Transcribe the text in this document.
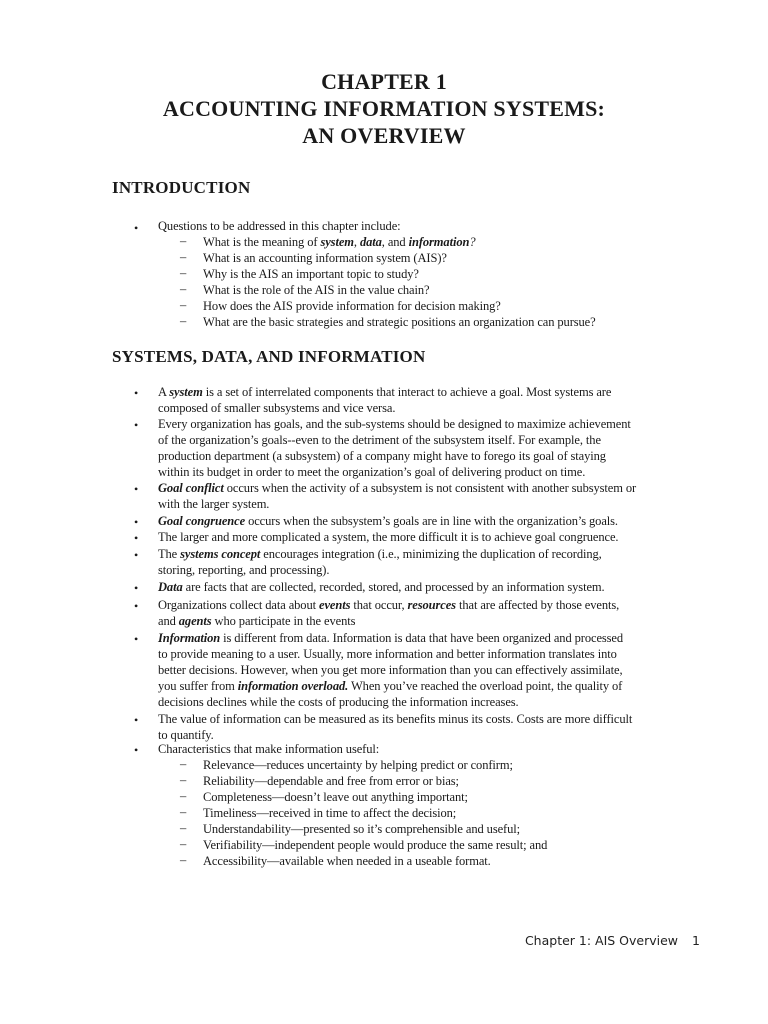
CHAPTER 1
ACCOUNTING INFORMATION SYSTEMS:
AN OVERVIEW
INTRODUCTION
• Questions to be addressed in this chapter include:
– What is the meaning of system, data, and information?
– What is an accounting information system (AIS)?
– Why is the AIS an important topic to study?
– What is the role of the AIS in the value chain?
– How does the AIS provide information for decision making?
– What are the basic strategies and strategic positions an organization can pursue?
SYSTEMS, DATA, AND INFORMATION
• A system is a set of interrelated components that interact to achieve a goal. Most systems are
composed of smaller subsystems and vice versa.
• Every organization has goals, and the sub-systems should be designed to maximize achievement
of the organization’s goals--even to the detriment of the subsystem itself. For example, the
production department (a subsystem) of a company might have to forego its goal of staying
within its budget in order to meet the organization’s goal of delivering product on time.
• Goal conflict occurs when the activity of a subsystem is not consistent with another subsystem or
with the larger system.
• Goal congruence occurs when the subsystem’s goals are in line with the organization’s goals.
• The larger and more complicated a system, the more difficult it is to achieve goal congruence.
• The systems concept encourages integration (i.e., minimizing the duplication of recording,
storing, reporting, and processing).
• Data are facts that are collected, recorded, stored, and processed by an information system.
• Organizations collect data about events that occur, resources that are affected by those events,
and agents who participate in the events
• Information is different from data. Information is data that have been organized and processed
to provide meaning to a user. Usually, more information and better information translates into
better decisions. However, when you get more information than you can effectively assimilate,
you suffer from information overload. When you’ve reached the overload point, the quality of
decisions declines while the costs of producing the information increases.
• The value of information can be measured as its benefits minus its costs. Costs are more difficult
to quantify.
• Characteristics that make information useful:
– Relevance—reduces uncertainty by helping predict or confirm;
– Reliability—dependable and free from error or bias;
– Completeness—doesn’t leave out anything important;
– Timeliness—received in time to affect the decision;
– Understandability—presented so it’s comprehensible and useful;
– Verifiability—independent people would produce the same result; and
– Accessibility—available when needed in a useable format.
Chapter 1: AIS Overview 1
